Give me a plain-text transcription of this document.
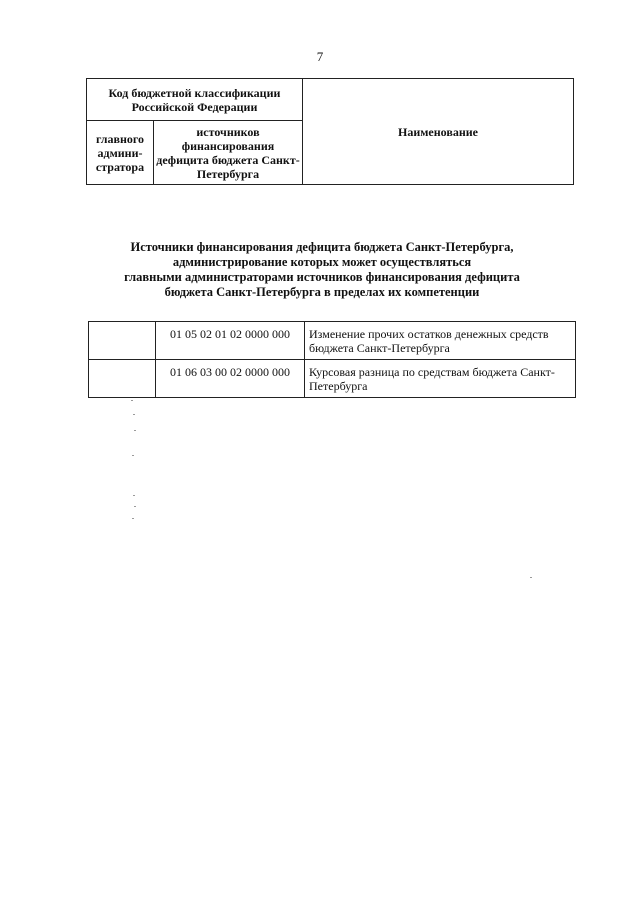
7
Код бюджетной классификации Российской Федерации		Наименование
главного админи-стратора	источников финансирования дефицита бюджета Санкт-Петербурга	
Источники финансирования дефицита бюджета Санкт-Петербурга,
администрирование которых может осуществляться
главными администраторами источников финансирования дефицита
бюджета Санкт-Петербурга в пределах их компетенции
	01 05 02 01 02 0000 000	Изменение прочих остатков денежных средств бюджета Санкт-Петербурга
	01 06 03 00 02 0000 000	Курсовая разница по средствам бюджета Санкт-Петербурга
